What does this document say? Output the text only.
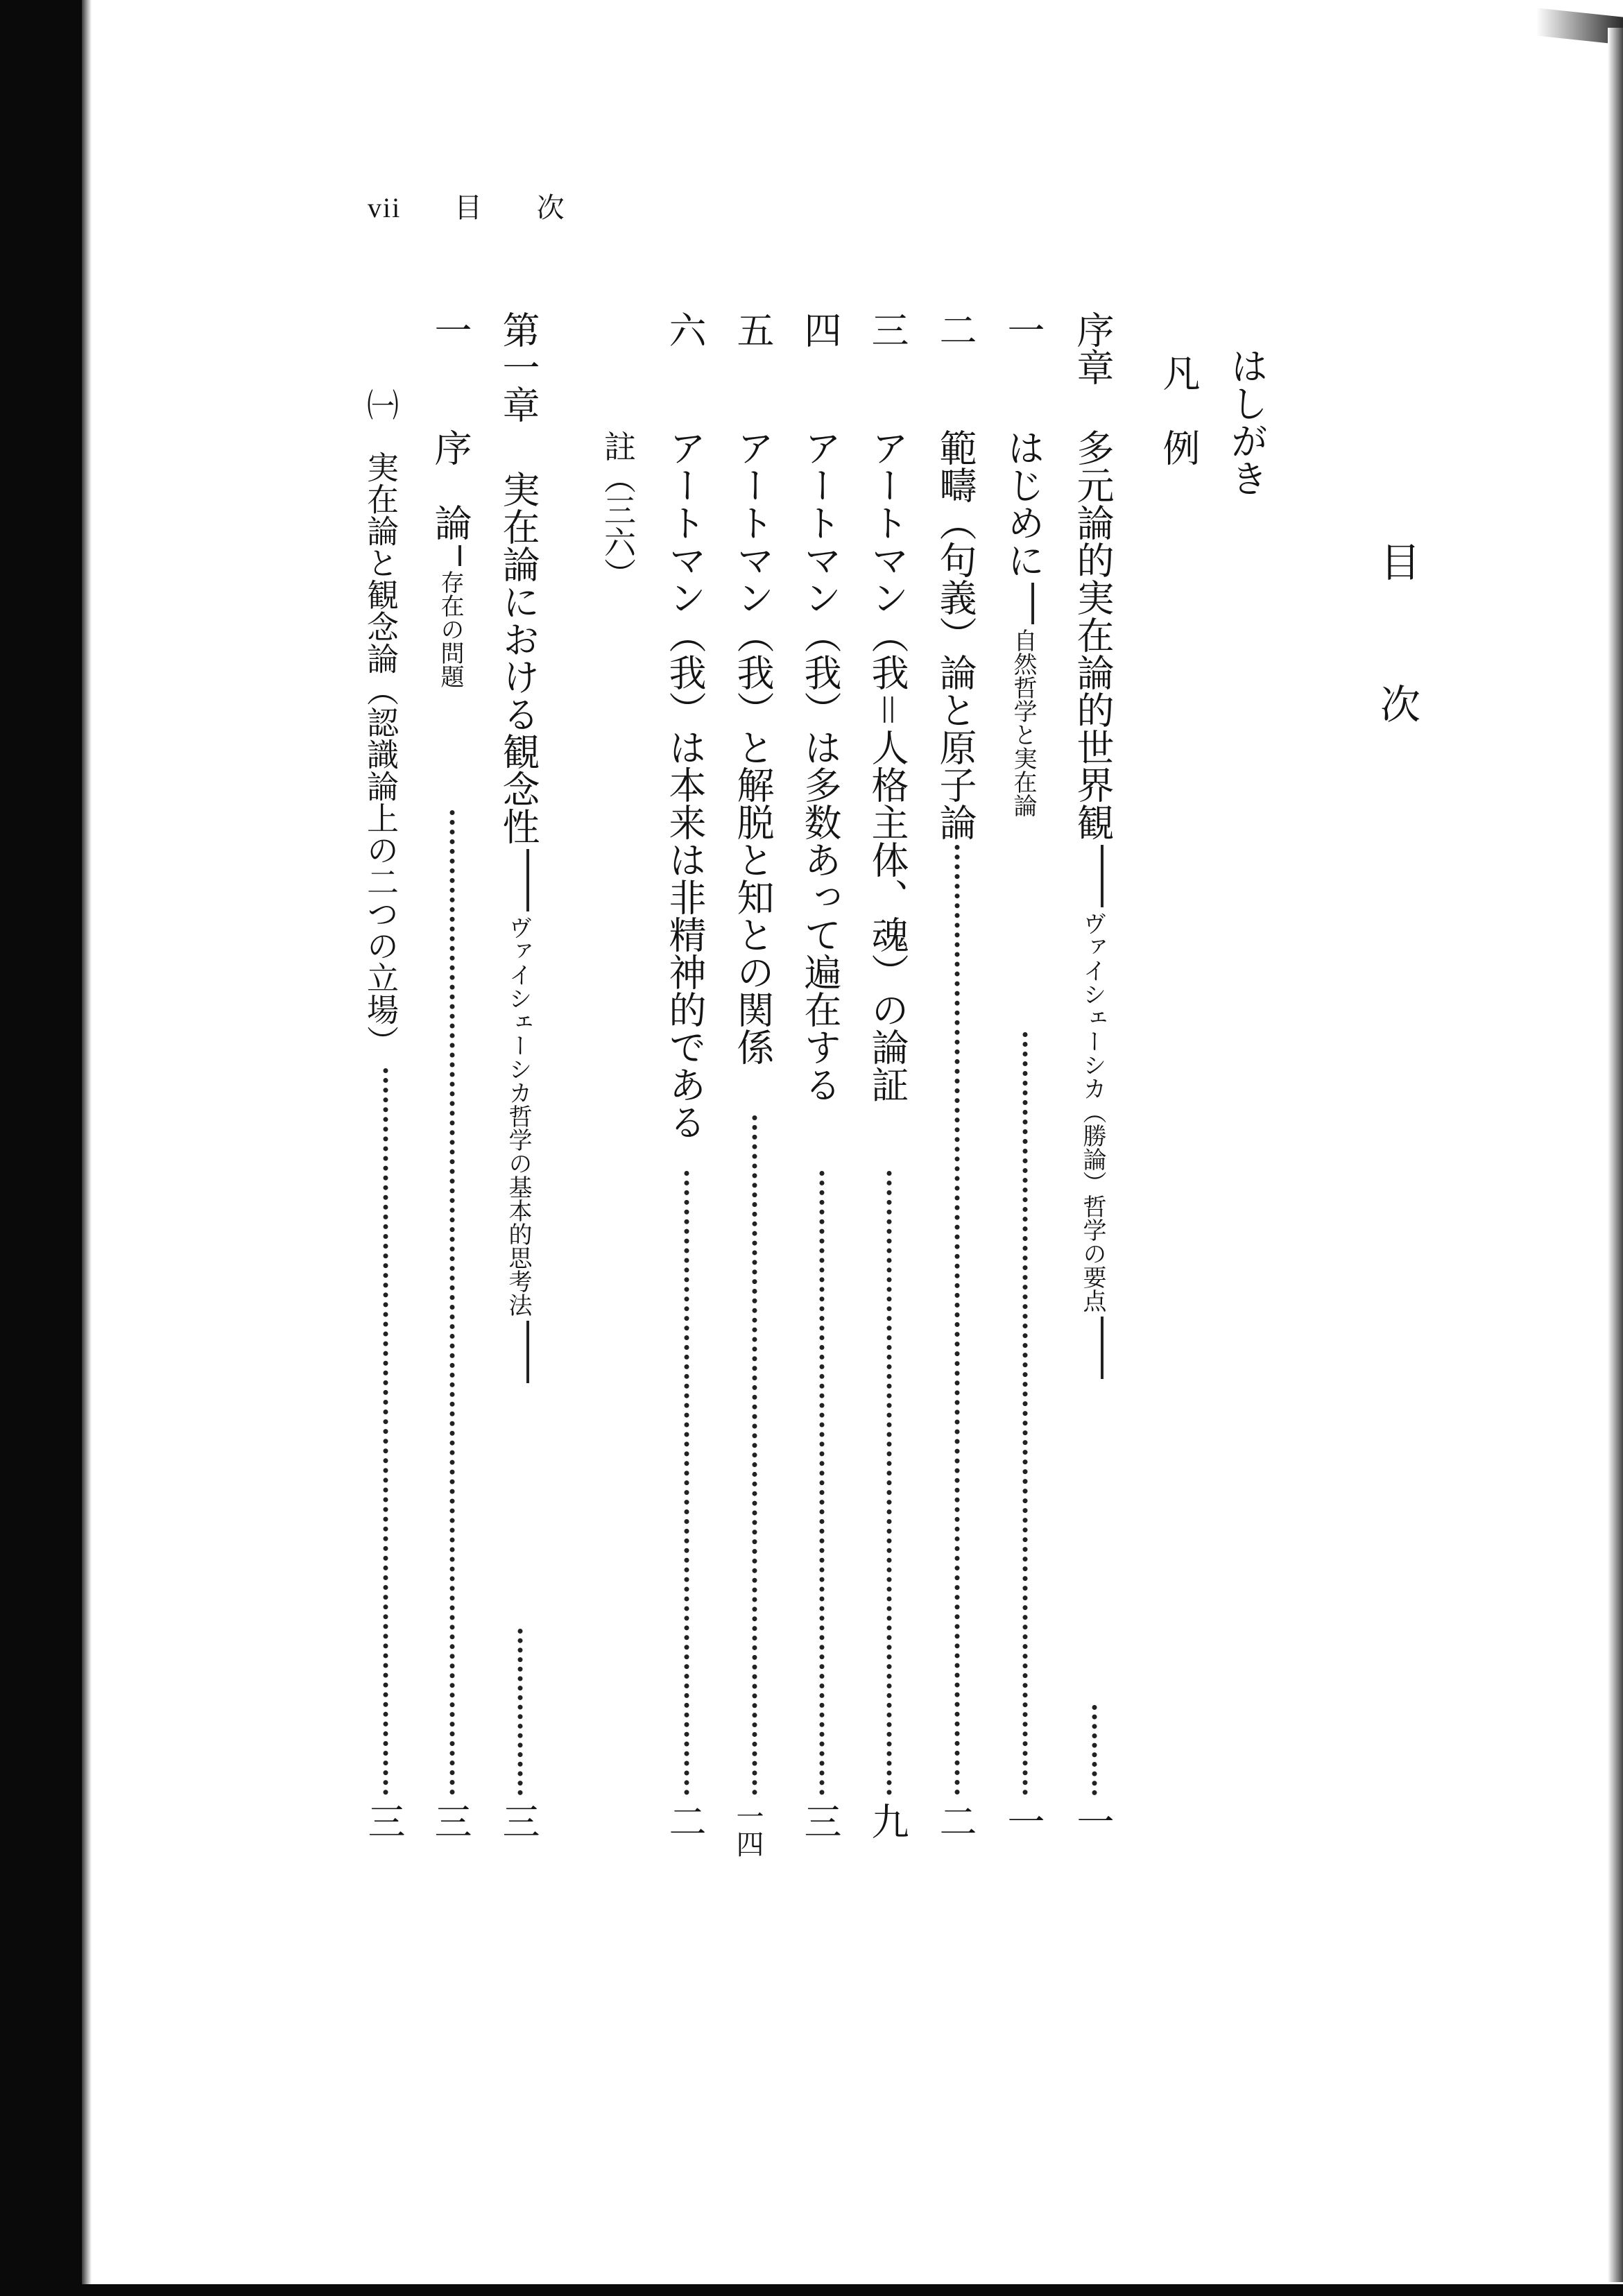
vii 目 次
目
次
はしがき
凡　例
序章
多元論的実在論的世界観ヴァイシェーシカ（勝論）哲学の要点
一
一
はじめに自然哲学と実在論
一
二
範疇（句義）論と原子論
二
三
アートマン（我＝人格主体、魂）の論証
九
四
アートマン（我）は多数あって遍在する
三
五
アートマン（我）と解脱と知との関係
一四
六
アートマン（我）は本来は非精神的である
二
註（三六）
第一章
実在論における観念性ヴァイシェーシカ哲学の基本的思考法
三
一
序　論存在の問題
三
㈠
実在論と観念論（認識論上の二つの立場）
三
